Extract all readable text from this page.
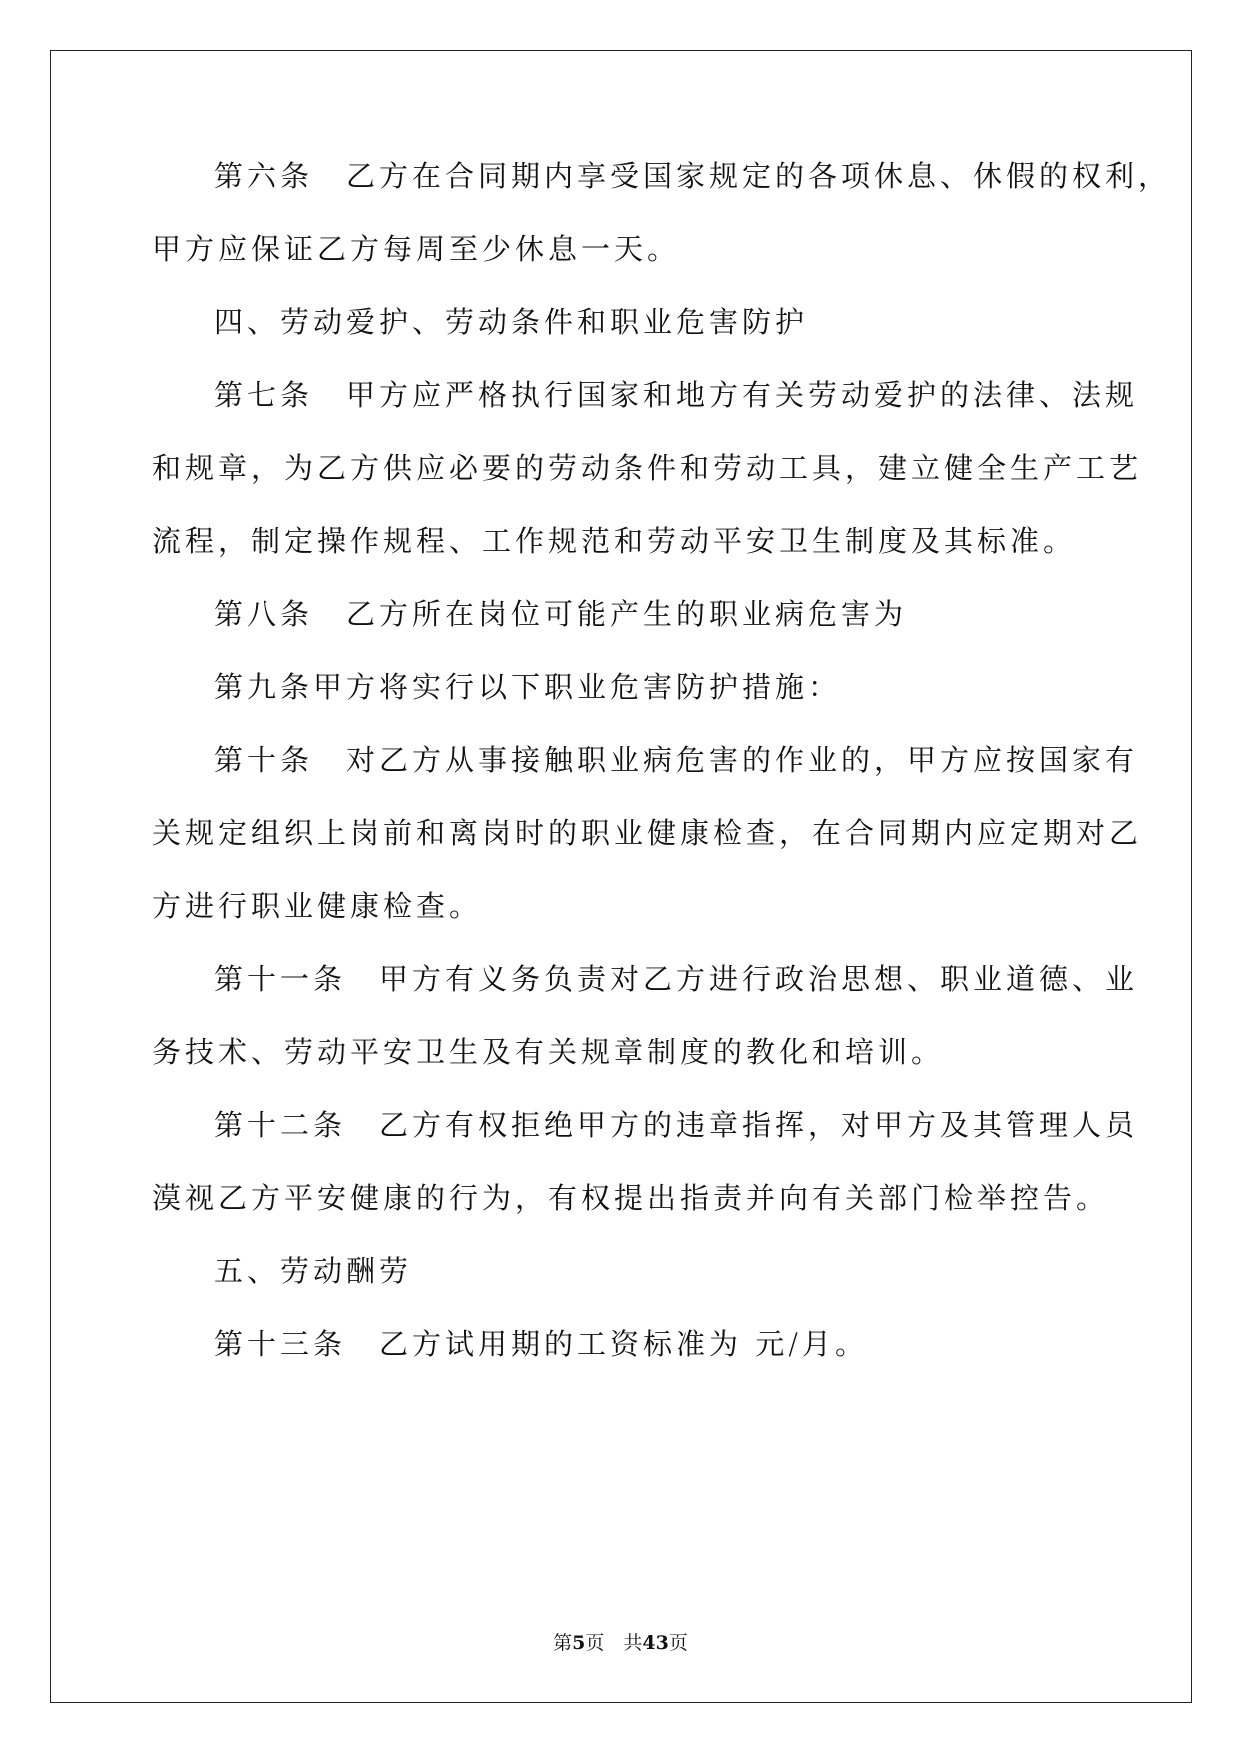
第六条　乙方在合同期内享受国家规定的各项休息、休假的权利，
甲方应保证乙方每周至少休息一天。
四、劳动爱护、劳动条件和职业危害防护
第七条　甲方应严格执行国家和地方有关劳动爱护的法律、法规
和规章，为乙方供应必要的劳动条件和劳动工具，建立健全生产工艺
流程，制定操作规程、工作规范和劳动平安卫生制度及其标准。
第八条　乙方所在岗位可能产生的职业病危害为
第九条甲方将实行以下职业危害防护措施：
第十条　对乙方从事接触职业病危害的作业的，甲方应按国家有
关规定组织上岗前和离岗时的职业健康检查，在合同期内应定期对乙
方进行职业健康检查。
第十一条　甲方有义务负责对乙方进行政治思想、职业道德、业
务技术、劳动平安卫生及有关规章制度的教化和培训。
第十二条　乙方有权拒绝甲方的违章指挥，对甲方及其管理人员
漠视乙方平安健康的行为，有权提出指责并向有关部门检举控告。
五、劳动酬劳
第十三条　乙方试用期的工资标准为 元/月。
第5页　共43页
